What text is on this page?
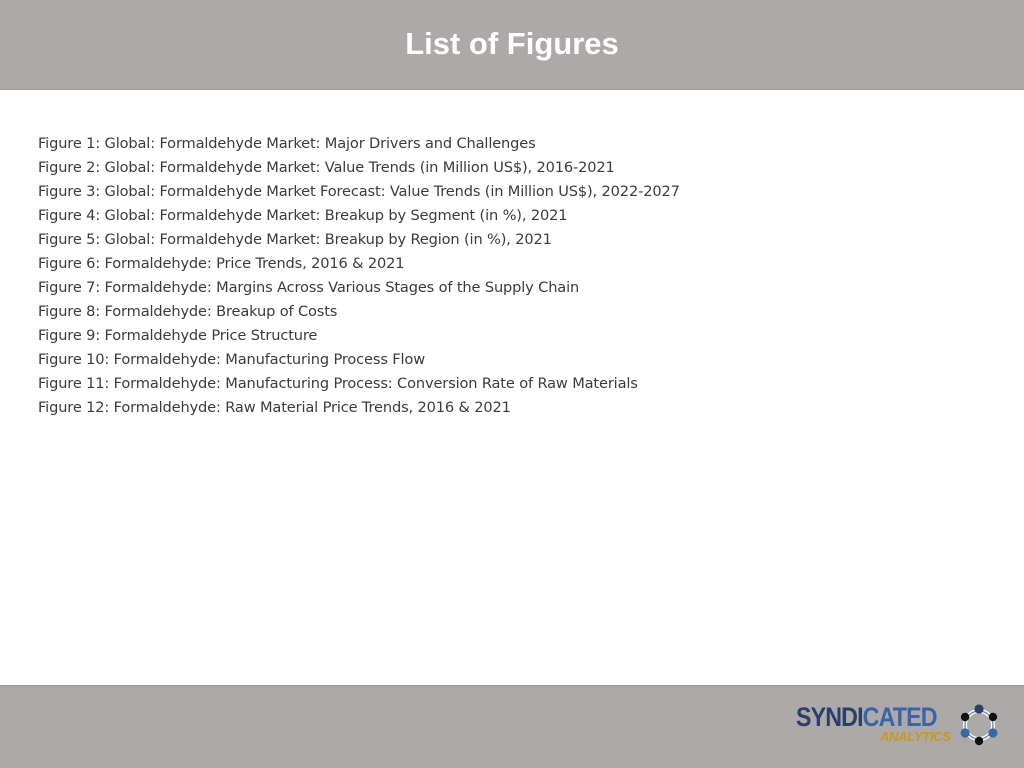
List of Figures
Figure 1: Global: Formaldehyde Market: Major Drivers and Challenges
Figure 2: Global: Formaldehyde Market: Value Trends (in Million US$), 2016-2021
Figure 3: Global: Formaldehyde Market Forecast: Value Trends (in Million US$), 2022-2027
Figure 4: Global: Formaldehyde Market: Breakup by Segment (in %), 2021
Figure 5: Global: Formaldehyde Market: Breakup by Region (in %), 2021
Figure 6: Formaldehyde: Price Trends, 2016 & 2021
Figure 7: Formaldehyde: Margins Across Various Stages of the Supply Chain
Figure 8: Formaldehyde: Breakup of Costs
Figure 9: Formaldehyde Price Structure
Figure 10: Formaldehyde: Manufacturing Process Flow
Figure 11: Formaldehyde: Manufacturing Process: Conversion Rate of Raw Materials
Figure 12: Formaldehyde: Raw Material Price Trends, 2016 & 2021
SYNDICATED
ANALYTICS
